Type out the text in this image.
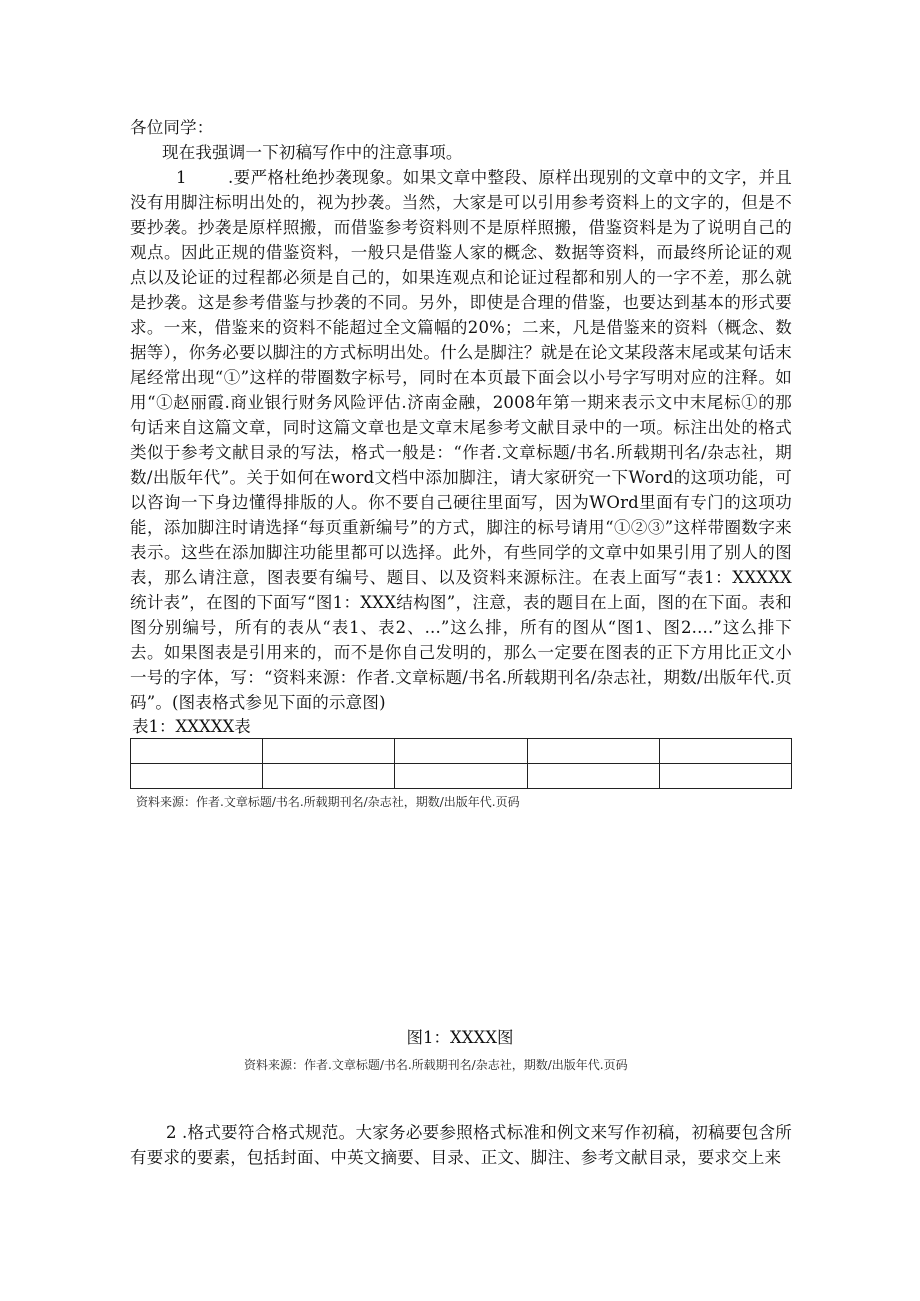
各位同学：
现在我强调一下初稿写作中的注意事项。
1	.要严格杜绝抄袭现象。如果文章中整段、原样出现别的文章中的文字，并且没有用脚注标明出处的，视为抄袭。当然，大家是可以引用参考资料上的文字的，但是不要抄袭。抄袭是原样照搬，而借鉴参考资料则不是原样照搬，借鉴资料是为了说明自己的观点。因此正规的借鉴资料，一般只是借鉴人家的概念、数据等资料，而最终所论证的观点以及论证的过程都必须是自己的，如果连观点和论证过程都和别人的一字不差，那么就是抄袭。这是参考借鉴与抄袭的不同。另外，即使是合理的借鉴，也要达到基本的形式要求。一来，借鉴来的资料不能超过全文篇幅的20%；二来，凡是借鉴来的资料（概念、数据等），你务必要以脚注的方式标明出处。什么是脚注？就是在论文某段落末尾或某句话末尾经常出现“①”这样的带圈数字标号，同时在本页最下面会以小号字写明对应的注释。如用“①赵丽霞.商业银行财务风险评估.济南金融，2008年第一期来表示文中末尾标①的那句话来自这篇文章，同时这篇文章也是文章末尾参考文献目录中的一项。标注出处的格式类似于参考文献目录的写法，格式一般是：“作者.文章标题/书名.所载期刊名/杂志社，期数/出版年代”。关于如何在word文档中添加脚注，请大家研究一下Word的这项功能，可以咨询一下身边懂得排版的人。你不要自己硬往里面写，因为WOrd里面有专门的这项功能，添加脚注时请选择“每页重新编号”的方式，脚注的标号请用“①②③”这样带圈数字来表示。这些在添加脚注功能里都可以选择。此外，有些同学的文章中如果引用了别人的图表，那么请注意，图表要有编号、题目、以及资料来源标注。在表上面写“表1：XXXXX统计表”，在图的下面写“图1：XXX结构图”，注意，表的题目在上面，图的在下面。表和图分别编号，所有的表从“表1、表2、...”这么排，所有的图从“图1、图2....”这么排下去。如果图表是引用来的，而不是你自己发明的，那么一定要在图表的正下方用比正文小一号的字体，写：“资料来源：作者.文章标题/书名.所载期刊名/杂志社，期数/出版年代.页码”。(图表格式参见下面的示意图)
表1：XXXXX表

资料来源：作者.文章标题/书名.所载期刊名/杂志社，期数/出版年代.页码
图1：XXXX图
资料来源：作者.文章标题/书名.所载期刊名/杂志社，期数/出版年代.页码
2 .格式要符合格式规范。大家务必要参照格式标准和例文来写作初稿，初稿要包含所有要求的要素，包括封面、中英文摘要、目录、正文、脚注、参考文献目录，要求交上来
